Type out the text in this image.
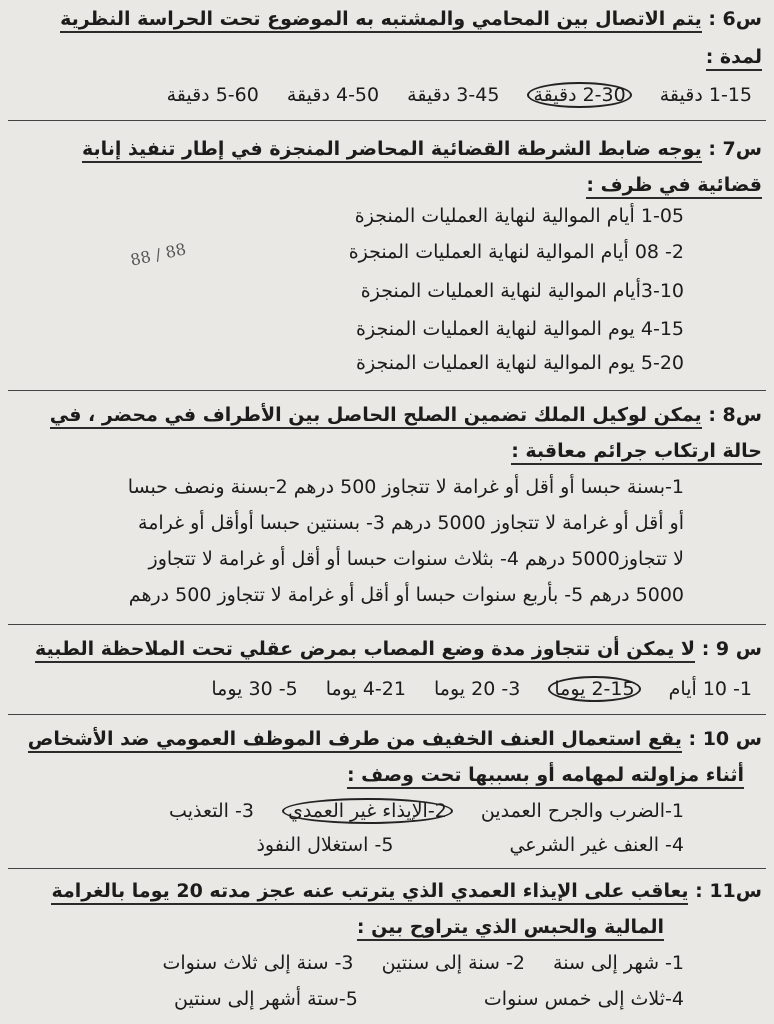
س6 : يتم الاتصال بين المحامي والمشتبه به الموضوع تحت الحراسة النظرية
لمدة :
1-15 دقيقة 2-30 دقيقة 3-45 دقيقة 4-50 دقيقة 5-60 دقيقة
س7 : يوجه ضابط الشرطة القضائية المحاضر المنجزة في إطار تنفيذ إنابة
قضائية في ظرف :
1-05 أيام الموالية لنهاية العمليات المنجزة
2- 08 أيام الموالية لنهاية العمليات المنجزة
3-10أيام الموالية لنهاية العمليات المنجزة
4-15 يوم الموالية لنهاية العمليات المنجزة
5-20 يوم الموالية لنهاية العمليات المنجزة
88 / 88
س8 : يمكن لوكيل الملك تضمين الصلح الحاصل بين الأطراف في محضر ، في
حالة ارتكاب جرائم معاقبة :
1-بسنة حبسا أو أقل أو غرامة لا تتجاوز 500 درهم 2-بسنة ونصف حبسا
أو أقل أو غرامة لا تتجاوز 5000 درهم 3- بسنتين حبسا أوأقل أو غرامة
لا تتجاوز5000 درهم 4- بثلاث سنوات حبسا أو أقل أو غرامة لا تتجاوز
5000 درهم 5- بأربع سنوات حبسا أو أقل أو غرامة لا تتجاوز 500 درهم
س 9 : لا يمكن أن تتجاوز مدة وضع المصاب بمرض عقلي تحت الملاحظة الطبية
1- 10 أيام 2-15 يوما 3- 20 يوما 4-21 يوما 5- 30 يوما
س 10 : يقع استعمال العنف الخفيف من طرف الموظف العمومي ضد الأشخاص
أثناء مزاولته لمهامه أو بسببها تحت وصف :
1-الضرب والجرح العمدين 2-الإيذاء غير العمدي 3- التعذيب
4- العنف غير الشرعي 5- استغلال النفوذ
س11 : يعاقب على الإيذاء العمدي الذي يترتب عنه عجز مدته 20 يوما بالغرامة
المالية والحبس الذي يتراوح بين :
1- شهر إلى سنة 2- سنة إلى سنتين 3- سنة إلى ثلاث سنوات
4-ثلاث إلى خمس سنوات 5-ستة أشهر إلى سنتين
